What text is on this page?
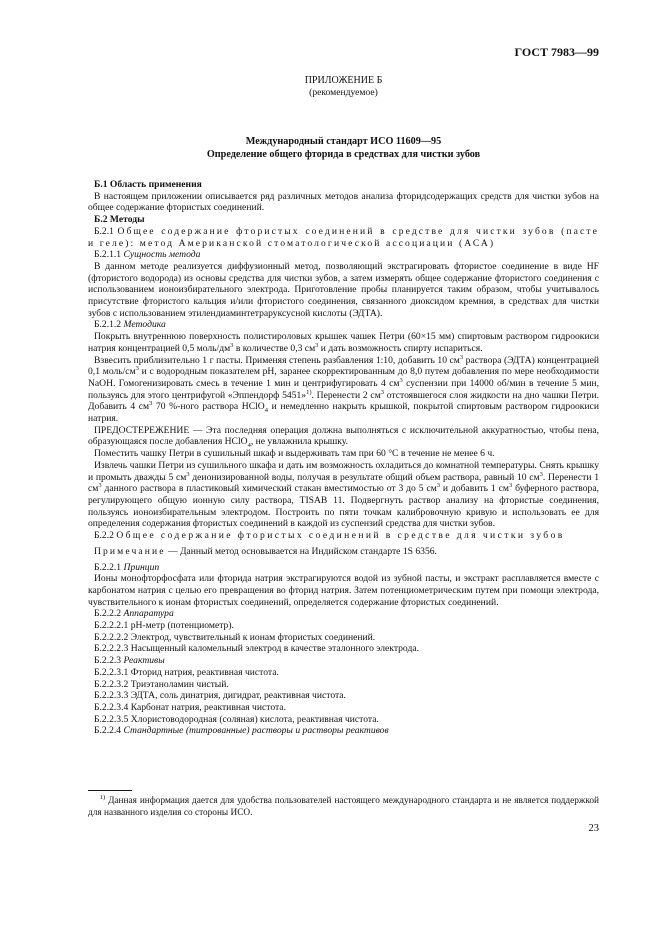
ГОСТ 7983—99
ПРИЛОЖЕНИЕ Б
(рекомендуемое)
Международный стандарт ИСО 11609—95
Определение общего фторида в средствах для чистки зубов
Б.1 Область применения

В настоящем приложении описывается ряд различных методов анализа фторидсодержащих средств для чистки зубов на общее содержание фтористых соединений.

Б.2 Методы

Б.2.1 Общее содержание фтористых соединений в средстве для чистки зубов (пасте и геле): метод Американской стоматологической ассоциации (АСА)

Б.2.1.1 Сущность метода

В данном методе реализуется диффузионный метод, позволяющий экстрагировать фтористое соединение в виде HF (фтористого водорода) из основы средства для чистки зубов, а затем измерять общее содержание фтористого соединения с использованием ионоизбирательного электрода. Приготовление пробы планируется таким образом, чтобы учитывалось присутствие фтористого кальция и/или фтористого соединения, связанного диоксидом кремния, в средствах для чистки зубов с использованием этилендиаминтетраруксусной кислоты (ЭДТА).

Б.2.1.2 Методика

Покрыть внутреннюю поверхность полистироловых крышек чашек Петри (60×15 мм) спиртовым раствором гидроокиси натрия концентрацией 0,5 моль/$дм^3$ в количестве 0,3 $см^3$ и дать возможность спирту испариться.

Взвесить приблизительно 1 г пасты. Применяя степень разбавления 1:10, добавить 10 $см^3$ раствора (ЭДТА) концентрацией 0,1 моль/$см^3$ и с водородным показателем pH, заранее скорректированным до 8,0 путем добавления по мере необходимости NaOH. Гомогенизировать смесь в течение 1 мин и центрифугировать 4 $см^3$ суспензии при 14000 об/мин в течение 5 мин, пользуясь для этого центрифугой «Эппендорф 5451»$^{1)}$. Перенести 2 $см^3$ отстоявшегося слоя жидкости на дно чашки Петри. Добавить 4 $см^3$ 70 %-ного раствора HClO$_4$ и немедленно накрыть крышкой, покрытой спиртовым раствором гидроокиси натрия.

ПРЕДОСТЕРЕЖЕНИЕ — Эта последняя операция должна выполняться с исключительной аккуратностью, чтобы пена, образующаяся после добавления HClO$_4$, не увлажнила крышку.

Поместить чашку Петри в сушильный шкаф и выдерживать там при 60 °С в течение не менее 6 ч.

Извлечь чашки Петри из сушильного шкафа и дать им возможность охладиться до комнатной температуры. Снять крышку и промыть дважды 5 $см^3$ деионизированной воды, получая в результате общий объем раствора, равный 10 $см^3$. Перенести 1 $см^3$ данного раствора в пластиковый химический стакан вместимостью от 3 до 5 $см^3$ и добавить 1 $см^3$ буферного раствора, регулирующего общую ионную силу раствора, TISAB 11. Подвергнуть раствор анализу на фтористые соединения, пользуясь ионоизбирательным электродом. Построить по пяти точкам калибровочную кривую и использовать ее для определения содержания фтористых соединений в каждой из суспензий средства для чистки зубов.

Б.2.2 Общее содержание фтористых соединений в средстве для чистки зубов

Примечание — Данный метод основывается на Индийском стандарте 1S 6356.

Б.2.2.1 Принцип

Ионы монофторфосфата или фторида натрия экстрагируются водой из зубной пасты, и экстракт расплавляется вместе с карбонатом натрия с целью его превращения во фторид натрия. Затем потенциометрическим путем при помощи электрода, чувствительного к ионам фтористых соединений, определяется содержание фтористых соединений.

Б.2.2.2 Аппаратура

Б.2.2.2.1 pH-метр (потенциометр).

Б.2.2.2.2 Электрод, чувствительный к ионам фтористых соединений.

Б.2.2.2.3 Насыщенный каломельный электрод в качестве эталонного электрода.

Б.2.2.3 Реактивы

Б.2.2.3.1 Фторид натрия, реактивная чистота.

Б.2.2.3.2 Триэтаноламин чистый.

Б.2.2.3.3 ЭДТА, соль динатрия, дигидрат, реактивная чистота.

Б.2.2.3.4 Карбонат натрия, реактивная чистота.

Б.2.2.3.5 Хлористоводородная (соляная) кислота, реактивная чистота.

Б.2.2.4 Стандартные (титрованные) растворы и растворы реактивов

$^{1)}$ Данная информация дается для удобства пользователей настоящего международного стандарта и не является поддержкой для названного изделия со стороны ИСО.
23
